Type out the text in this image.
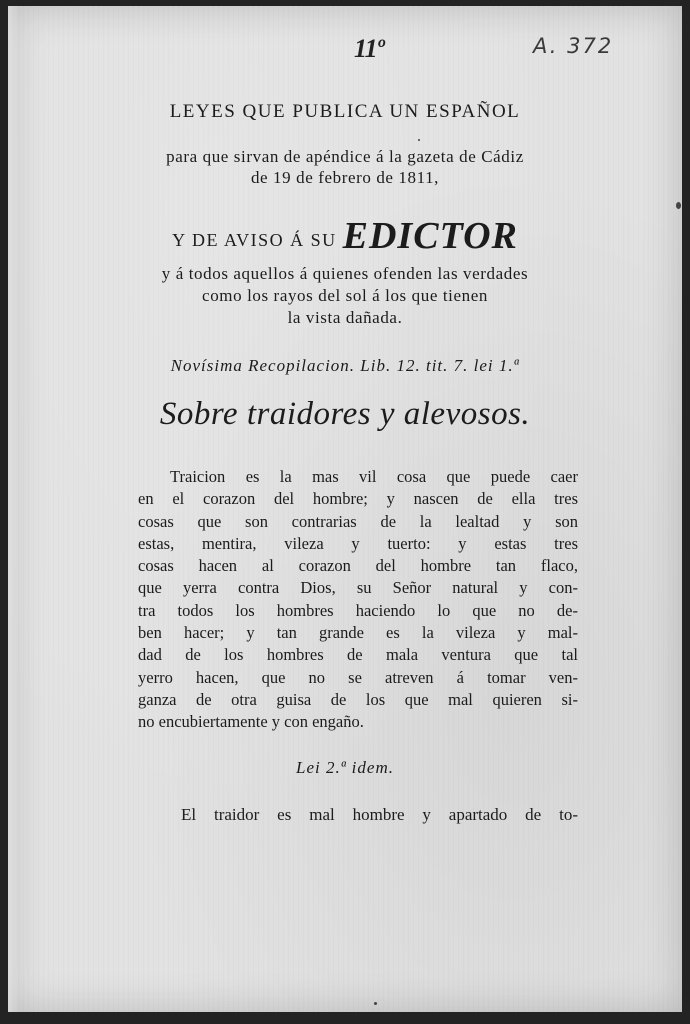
11º	A. 372
LEYES QUE PUBLICA UN ESPAÑOL
para que sirvan de apéndice á la gazeta de Cádiz
de 19 de febrero de 1811,
Y DE AVISO Á SU EDICTOR
y á todos aquellos á quienes ofenden las verdades
como los rayos del sol á los que tienen
la vista dañada.
Novísima Recopilacion. Lib. 12. tit. 7. lei 1.ª
Sobre traidores y alevosos.
Traicion es la mas vil cosa que puede caer
en el corazon del hombre; y nascen de ella tres
cosas que son contrarias de la lealtad y son
estas, mentira, vileza y tuerto: y estas tres
cosas hacen al corazon del hombre tan flaco,
que yerra contra Dios, su Señor natural y con-
tra todos los hombres haciendo lo que no de-
ben hacer; y tan grande es la vileza y mal-
dad de los hombres de mala ventura que tal
yerro hacen, que no se atreven á tomar ven-
ganza de otra guisa de los que mal quieren si-
no encubiertamente y con engaño.
Lei 2.ª idem.
El traidor es mal hombre y apartado de to-
